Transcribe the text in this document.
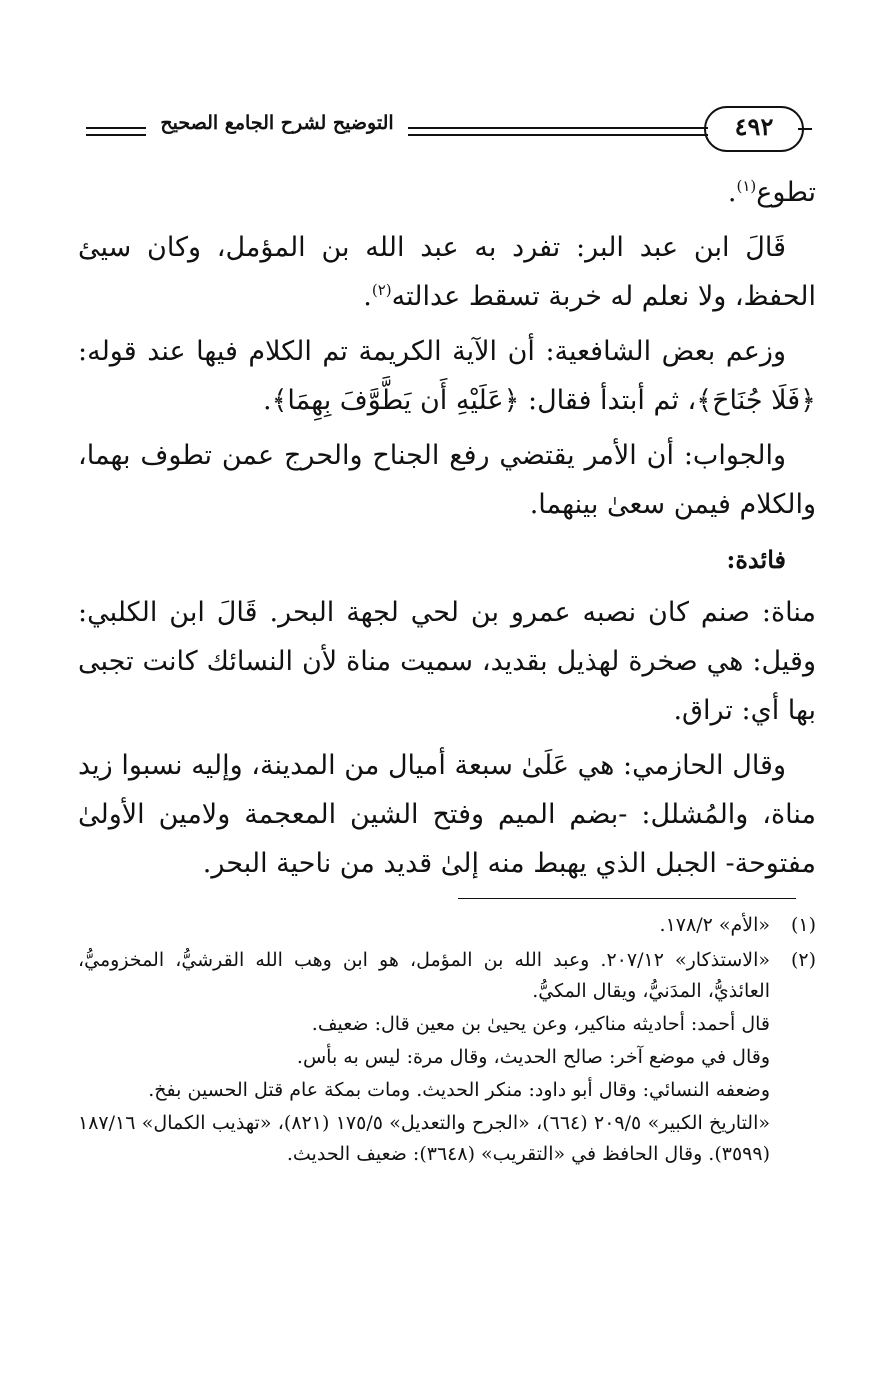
التوضيح لشرح الجامع الصحيح	٤٩٢

تطوع$^{(١)}$.

قَالَ ابن عبد البر: تفرد به عبد الله بن المؤمل، وكان سيئ الحفظ، ولا نعلم له خربة تسقط عدالته$^{(٢)}$.

وزعم بعض الشافعية: أن الآية الكريمة تم الكلام فيها عند قوله: ﴿فَلَا جُنَاحَ﴾، ثم أبتدأ فقال: ﴿عَلَيْهِ أَن يَطَّوَّفَ بِهِمَا﴾.

والجواب: أن الأمر يقتضي رفع الجناح والحرج عمن تطوف بهما، والكلام فيمن سعىٰ بينهما.

فائدة:

مناة: صنم كان نصبه عمرو بن لحي لجهة البحر. قَالَ ابن الكلبي: وقيل: هي صخرة لهذيل بقديد، سميت مناة لأن النسائك كانت تجبى بها أي: تراق.

وقال الحازمي: هي عَلَىٰ سبعة أميال من المدينة، وإليه نسبوا زيد مناة، والمُشلل: -بضم الميم وفتح الشين المعجمة ولامين الأولىٰ مفتوحة- الجبل الذي يهبط منه إلىٰ قديد من ناحية البحر.

(١)
«الأم» ١٧٨/٢.
(٢)
«الاستذكار» ٢٠٧/١٢. وعبد الله بن المؤمل، هو ابن وهب الله القرشيُّ، المخزوميُّ، العائذيُّ، المدَنيُّ، ويقال المكيُّ.
قال أحمد: أحاديثه مناكير، وعن يحيىٰ بن معين قال: ضعيف.
وقال في موضع آخر: صالح الحديث، وقال مرة: ليس به بأس.
وضعفه النسائي: وقال أبو داود: منكر الحديث. ومات بمكة عام قتل الحسين بفخ.
«التاريخ الكبير» ٢٠٩/٥ (٦٦٤)، «الجرح والتعديل» ١٧٥/٥ (٨٢١)، «تهذيب الكمال» ١٨٧/١٦ (٣٥٩٩). وقال الحافظ في «التقريب» (٣٦٤٨): ضعيف الحديث.
